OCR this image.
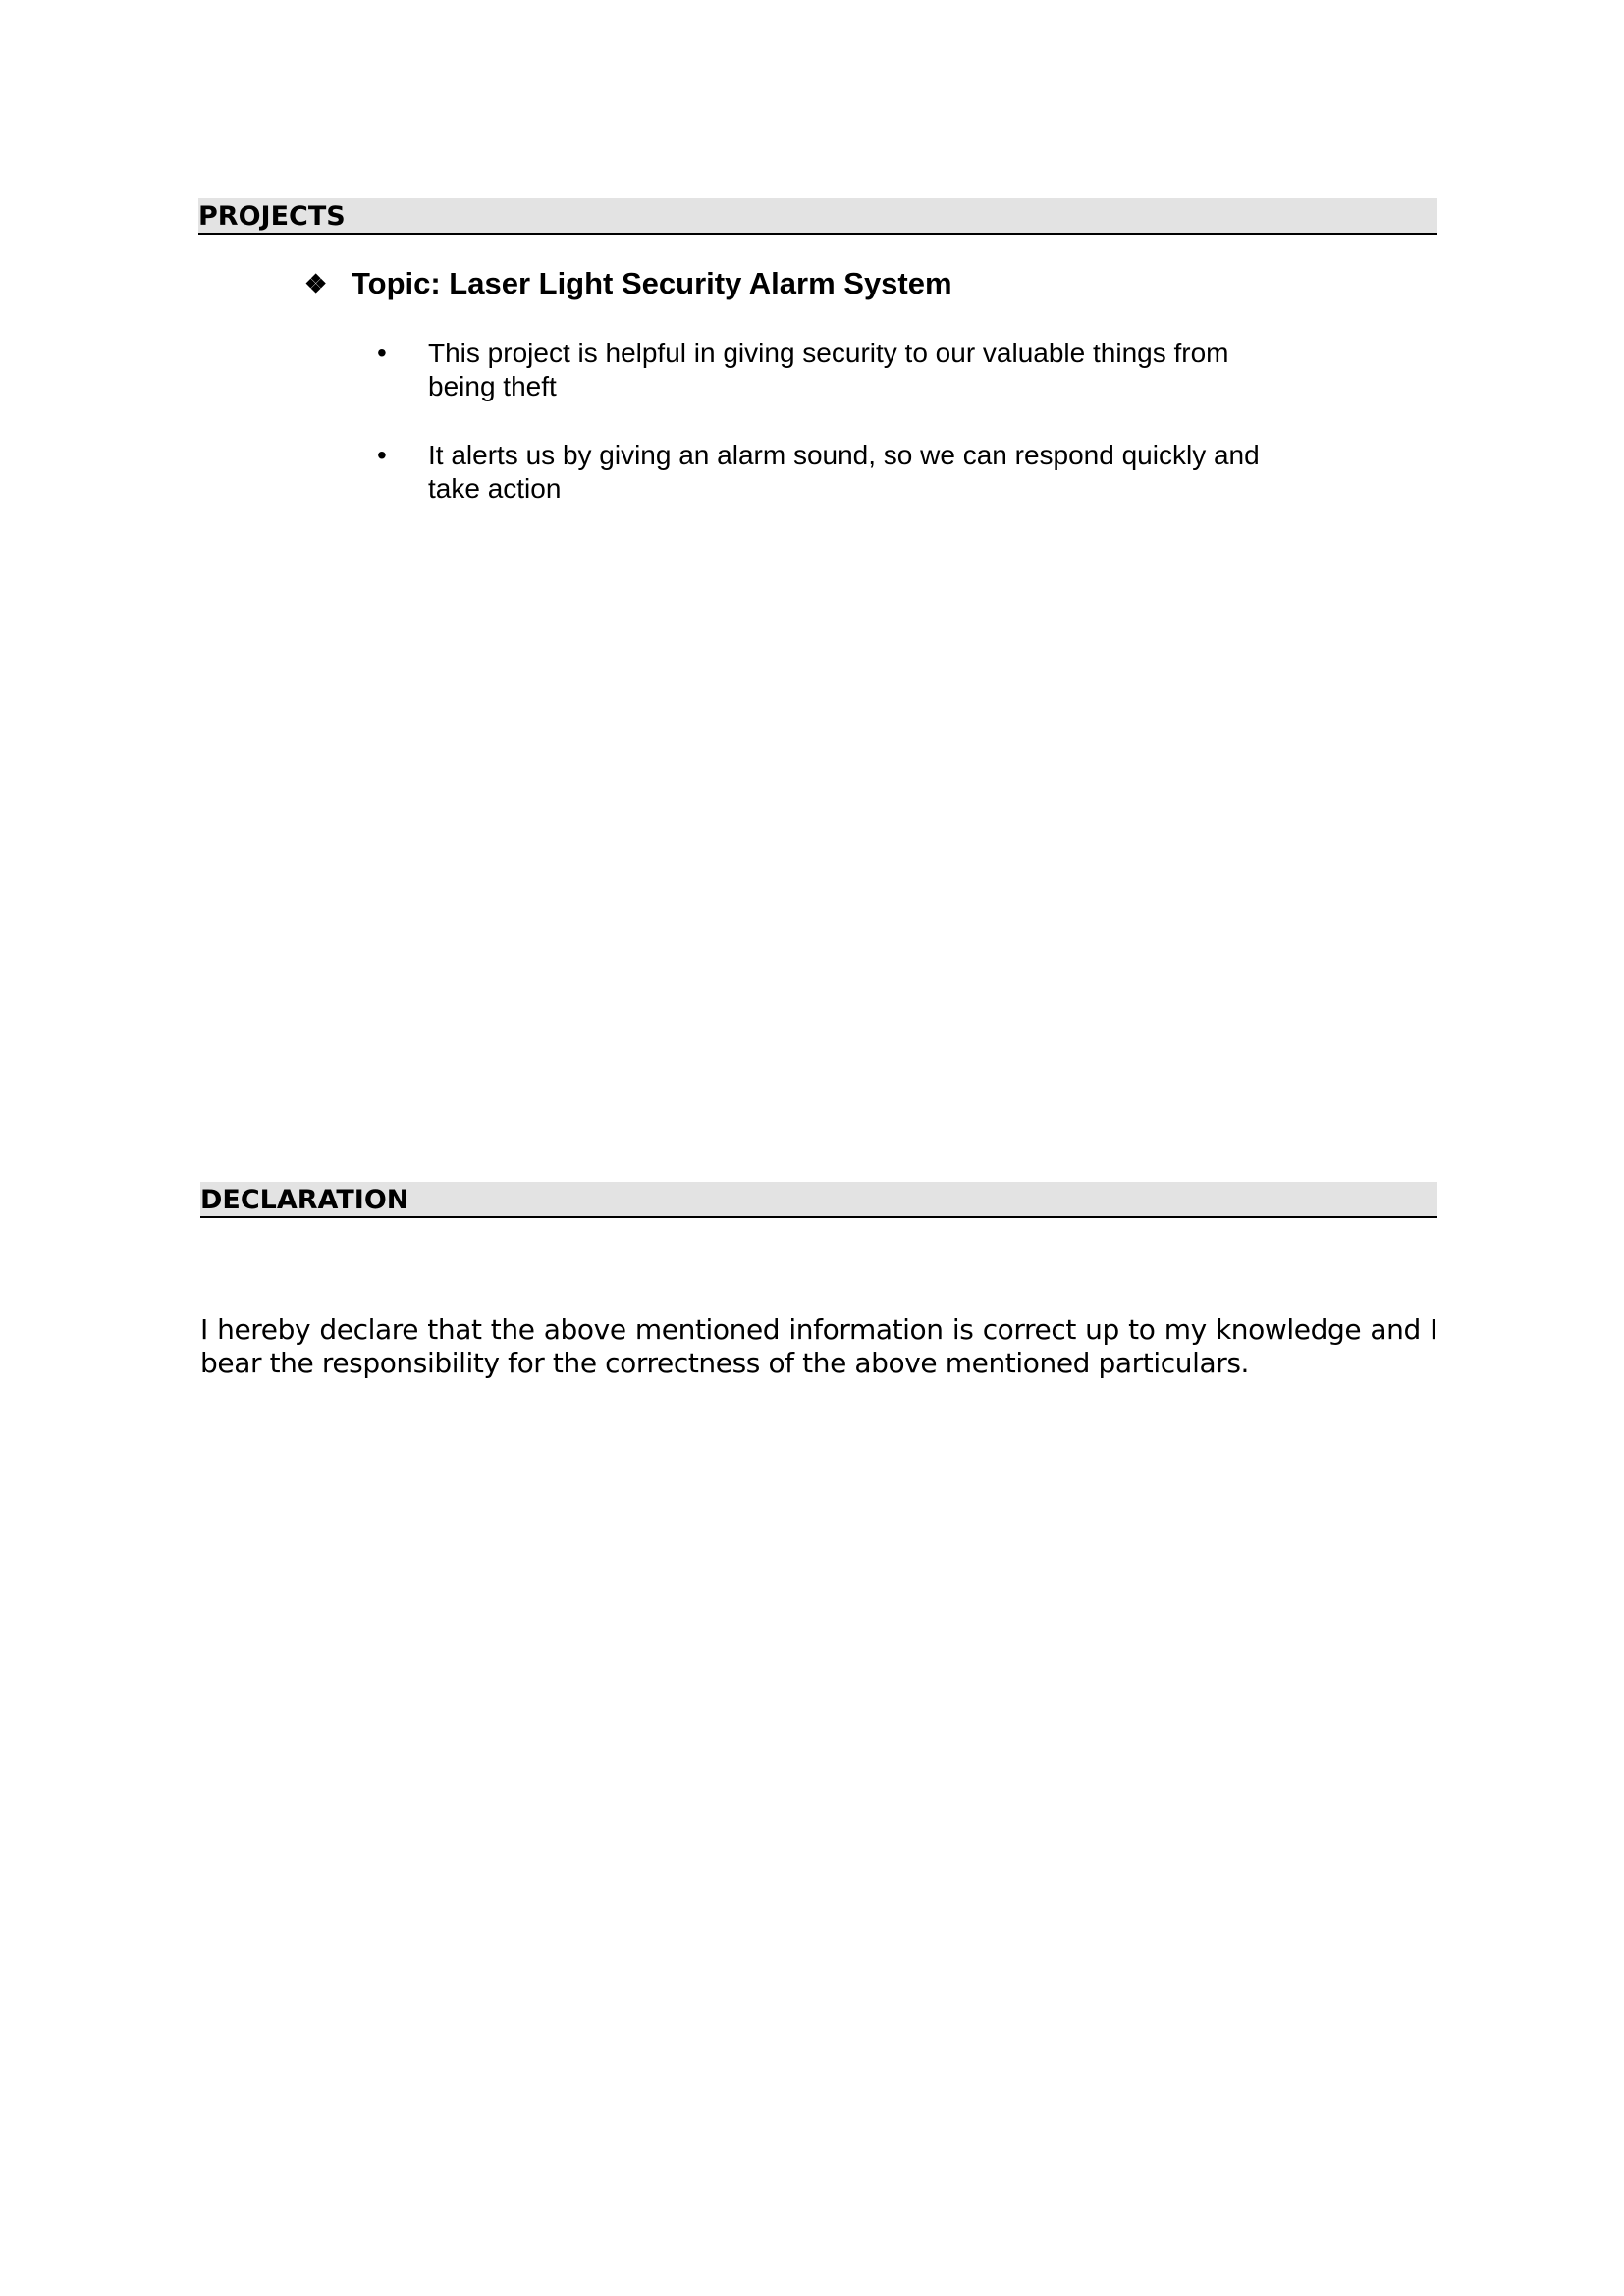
PROJECTS
❖ Topic: Laser Light Security Alarm System
•	This project is helpful in giving security to our valuable things from being theft
•	It alerts us by giving an alarm sound, so we can respond quickly and take action
DECLARATION

I hereby declare that the above mentioned information is correct up to my knowledge and I bear the responsibility for the correctness of the above mentioned particulars.
